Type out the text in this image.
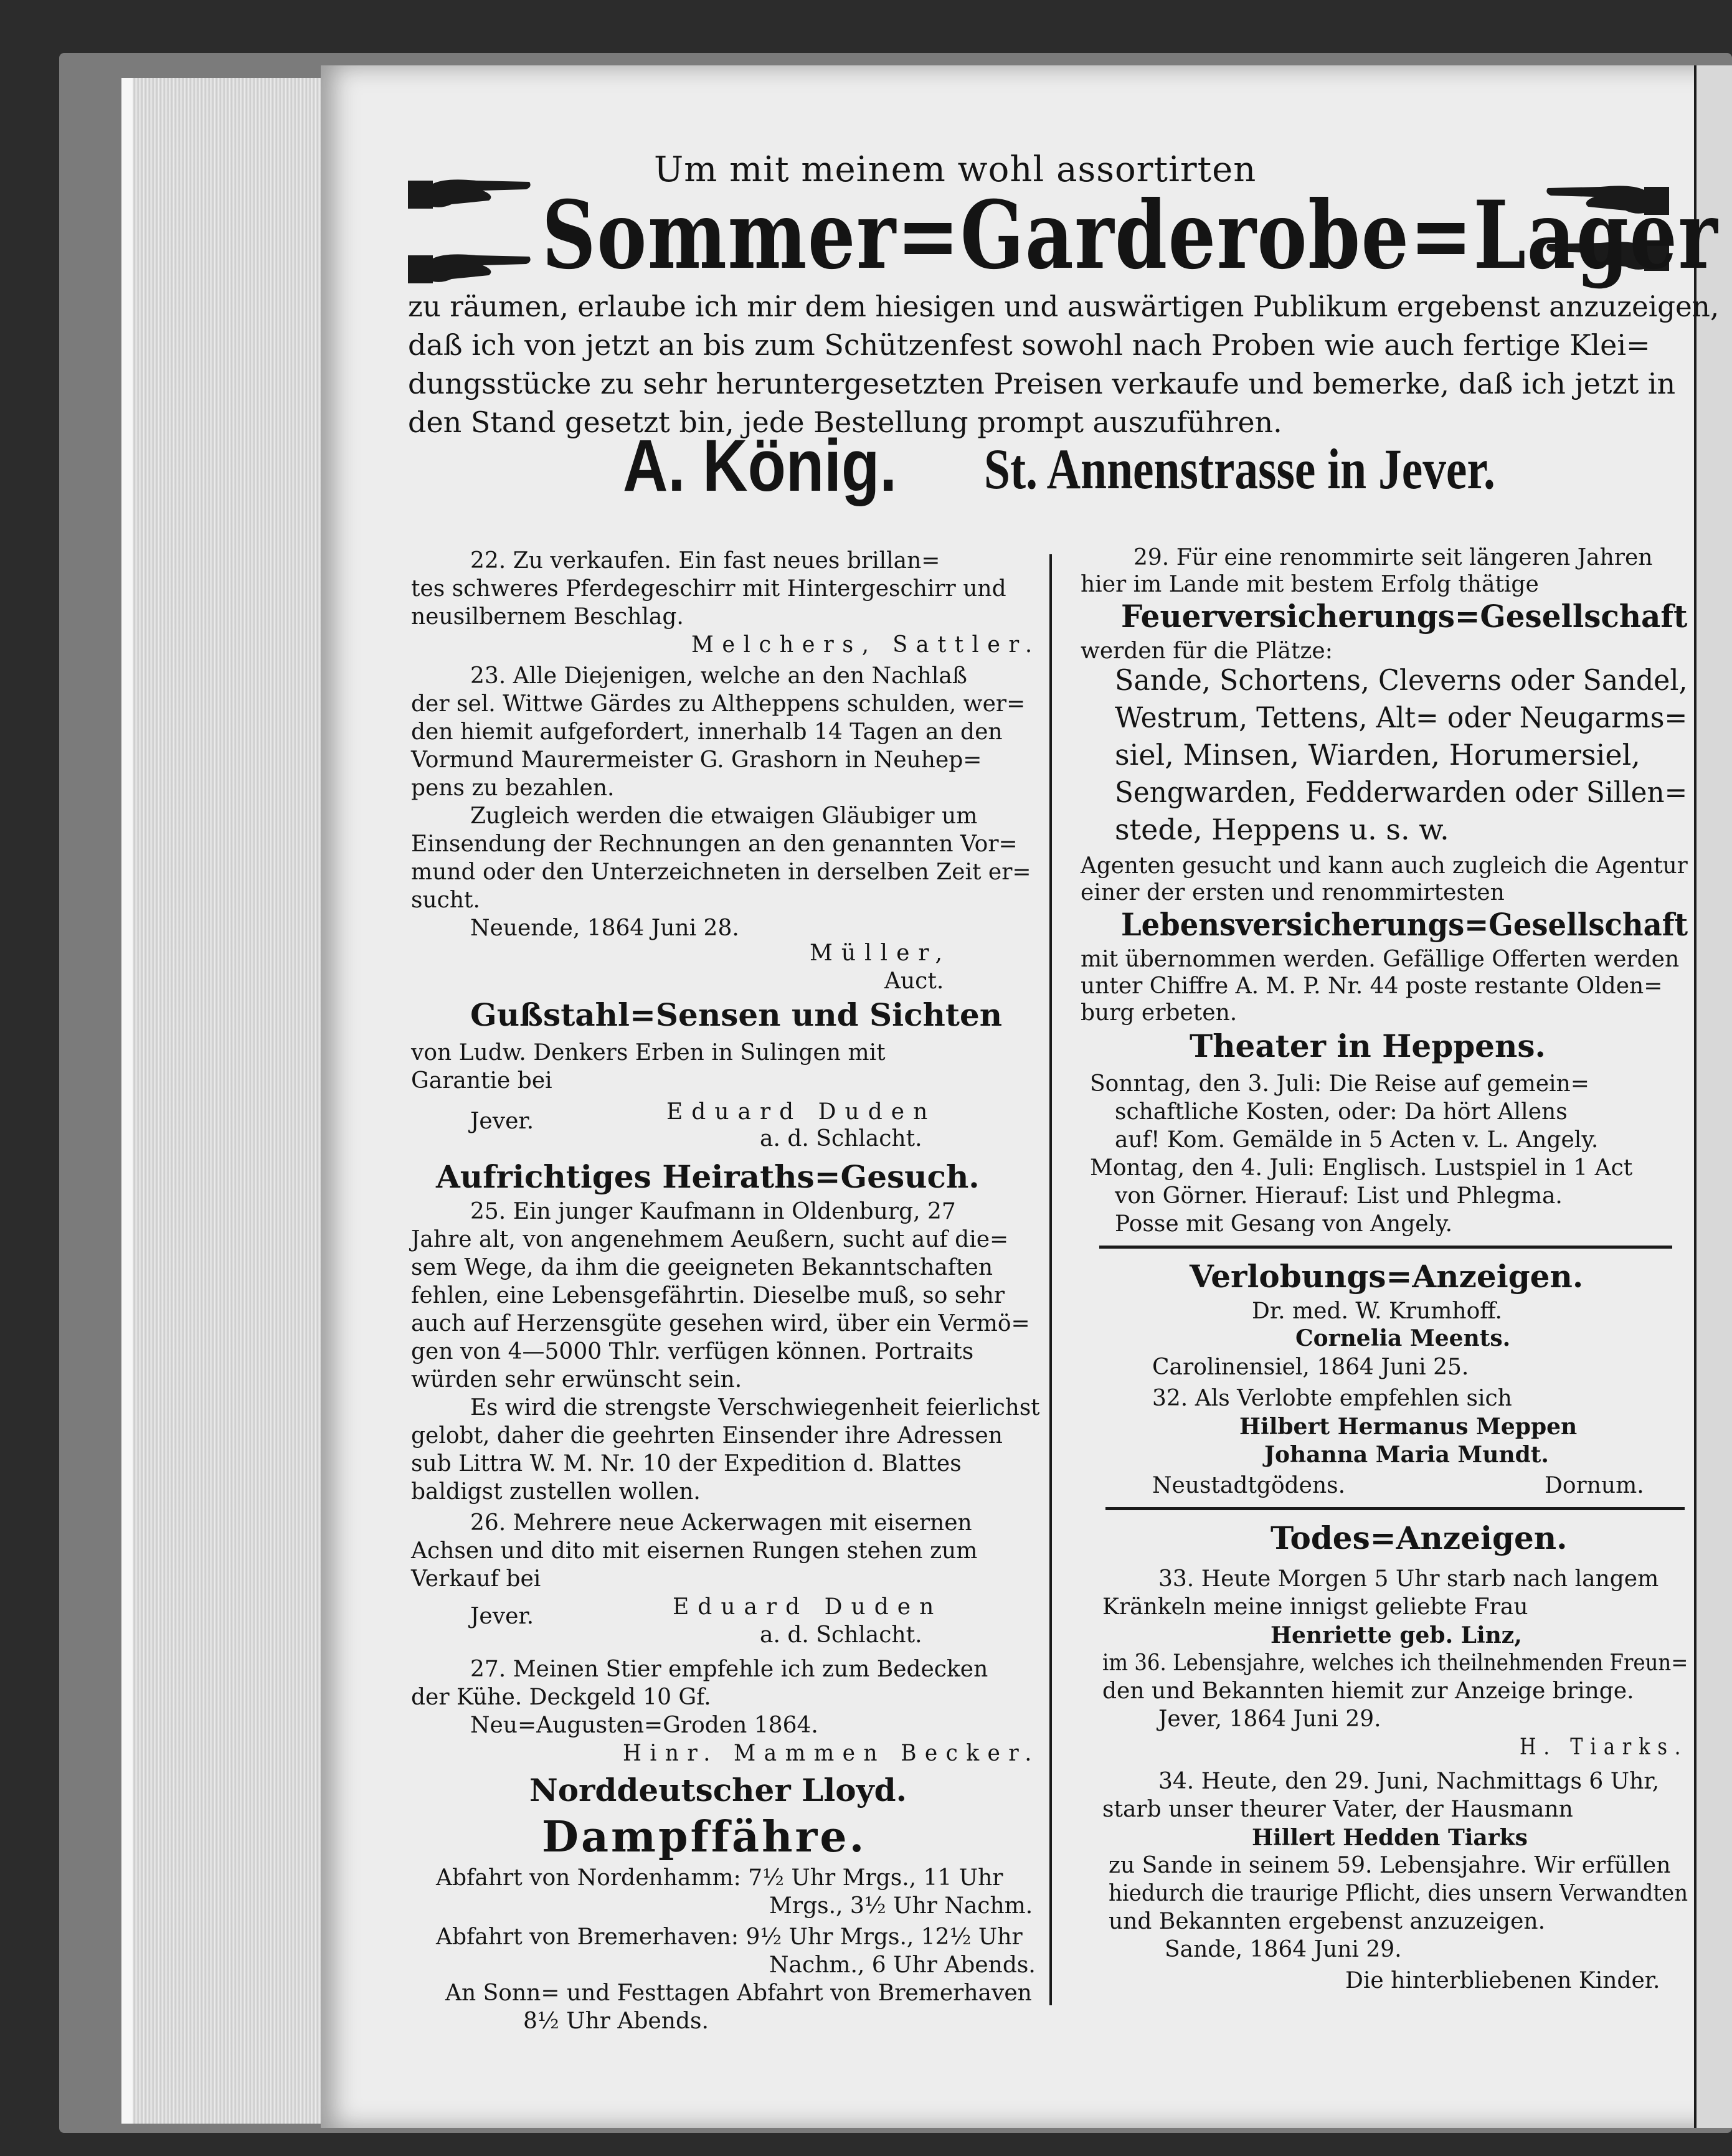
Um mit meinem wohl assortirten
Sommer=Garderobe=Lager
zu räumen, erlaube ich mir dem hiesigen und auswärtigen Publikum ergebenst anzuzeigen,
daß ich von jetzt an bis zum Schützenfest sowohl nach Proben wie auch fertige Klei=
dungsstücke zu sehr heruntergesetzten Preisen verkaufe und bemerke, daß ich jetzt in
den Stand gesetzt bin, jede Bestellung prompt auszuführen.
A. König. St. Annenstrasse in Jever.
22. Zu verkaufen. Ein fast neues brillan=
tes schweres Pferdegeschirr mit Hintergeschirr und
neusilbernem Beschlag.
Melchers, Sattler.
23. Alle Diejenigen, welche an den Nachlaß
der sel. Wittwe Gärdes zu Altheppens schulden, wer=
den hiemit aufgefordert, innerhalb 14 Tagen an den
Vormund Maurermeister G. Grashorn in Neuhep=
pens zu bezahlen.
Zugleich werden die etwaigen Gläubiger um
Einsendung der Rechnungen an den genannten Vor=
mund oder den Unterzeichneten in derselben Zeit er=
sucht.
Neuende, 1864 Juni 28.
Müller,
Auct.
Gußstahl=Sensen und Sichten
von Ludw. Denkers Erben in Sulingen mit
Garantie bei
Jever.	Eduard Duden
a. d. Schlacht.
Aufrichtiges Heiraths=Gesuch.
25. Ein junger Kaufmann in Oldenburg, 27
Jahre alt, von angenehmem Aeußern, sucht auf die=
sem Wege, da ihm die geeigneten Bekanntschaften
fehlen, eine Lebensgefährtin. Dieselbe muß, so sehr
auch auf Herzensgüte gesehen wird, über ein Vermö=
gen von 4—5000 Thlr. verfügen können. Portraits
würden sehr erwünscht sein.
Es wird die strengste Verschwiegenheit feierlichst
gelobt, daher die geehrten Einsender ihre Adressen
sub Littra W. M. Nr. 10 der Expedition d. Blattes
baldigst zustellen wollen.
26. Mehrere neue Ackerwagen mit eisernen
Achsen und dito mit eisernen Rungen stehen zum
Verkauf bei
Jever.	Eduard Duden
a. d. Schlacht.
27. Meinen Stier empfehle ich zum Bedecken
der Kühe. Deckgeld 10 Gf.
Neu=Augusten=Groden 1864.
Hinr. Mammen Becker.
Norddeutscher Lloyd.
Dampffähre.
Abfahrt von Nordenhamm: 7½ Uhr Mrgs., 11 Uhr
Mrgs., 3½ Uhr Nachm.
Abfahrt von Bremerhaven: 9½ Uhr Mrgs., 12½ Uhr
Nachm., 6 Uhr Abends.
An Sonn= und Festtagen Abfahrt von Bremerhaven
8½ Uhr Abends.
29. Für eine renommirte seit längeren Jahren
hier im Lande mit bestem Erfolg thätige
Feuerversicherungs=Gesellschaft
werden für die Plätze:
Sande, Schortens, Cleverns oder Sandel,
Westrum, Tettens, Alt= oder Neugarms=
siel, Minsen, Wiarden, Horumersiel,
Sengwarden, Fedderwarden oder Sillen=
stede, Heppens u. s. w.
Agenten gesucht und kann auch zugleich die Agentur
einer der ersten und renommirtesten
Lebensversicherungs=Gesellschaft
mit übernommen werden. Gefällige Offerten werden
unter Chiffre A. M. P. Nr. 44 poste restante Olden=
burg erbeten.
Theater in Heppens.
Sonntag, den 3. Juli: Die Reise auf gemein=
schaftliche Kosten, oder: Da hört Allens
auf! Kom. Gemälde in 5 Acten v. L. Angely.
Montag, den 4. Juli: Englisch. Lustspiel in 1 Act
von Görner. Hierauf: List und Phlegma.
Posse mit Gesang von Angely.
Verlobungs=Anzeigen.
Dr. med. W. Krumhoff.
Cornelia Meents.
Carolinensiel, 1864 Juni 25.
32. Als Verlobte empfehlen sich
Hilbert Hermanus Meppen
Johanna Maria Mundt.
Neustadtgödens.	Dornum.
Todes=Anzeigen.
33. Heute Morgen 5 Uhr starb nach langem
Kränkeln meine innigst geliebte Frau
Henriette geb. Linz,
im 36. Lebensjahre, welches ich theilnehmenden Freun=
den und Bekannten hiemit zur Anzeige bringe.
Jever, 1864 Juni 29.
H. Tiarks.
34. Heute, den 29. Juni, Nachmittags 6 Uhr,
starb unser theurer Vater, der Hausmann
Hillert Hedden Tiarks
zu Sande in seinem 59. Lebensjahre. Wir erfüllen
hiedurch die traurige Pflicht, dies unsern Verwandten
und Bekannten ergebenst anzuzeigen.
Sande, 1864 Juni 29.
Die hinterbliebenen Kinder.
